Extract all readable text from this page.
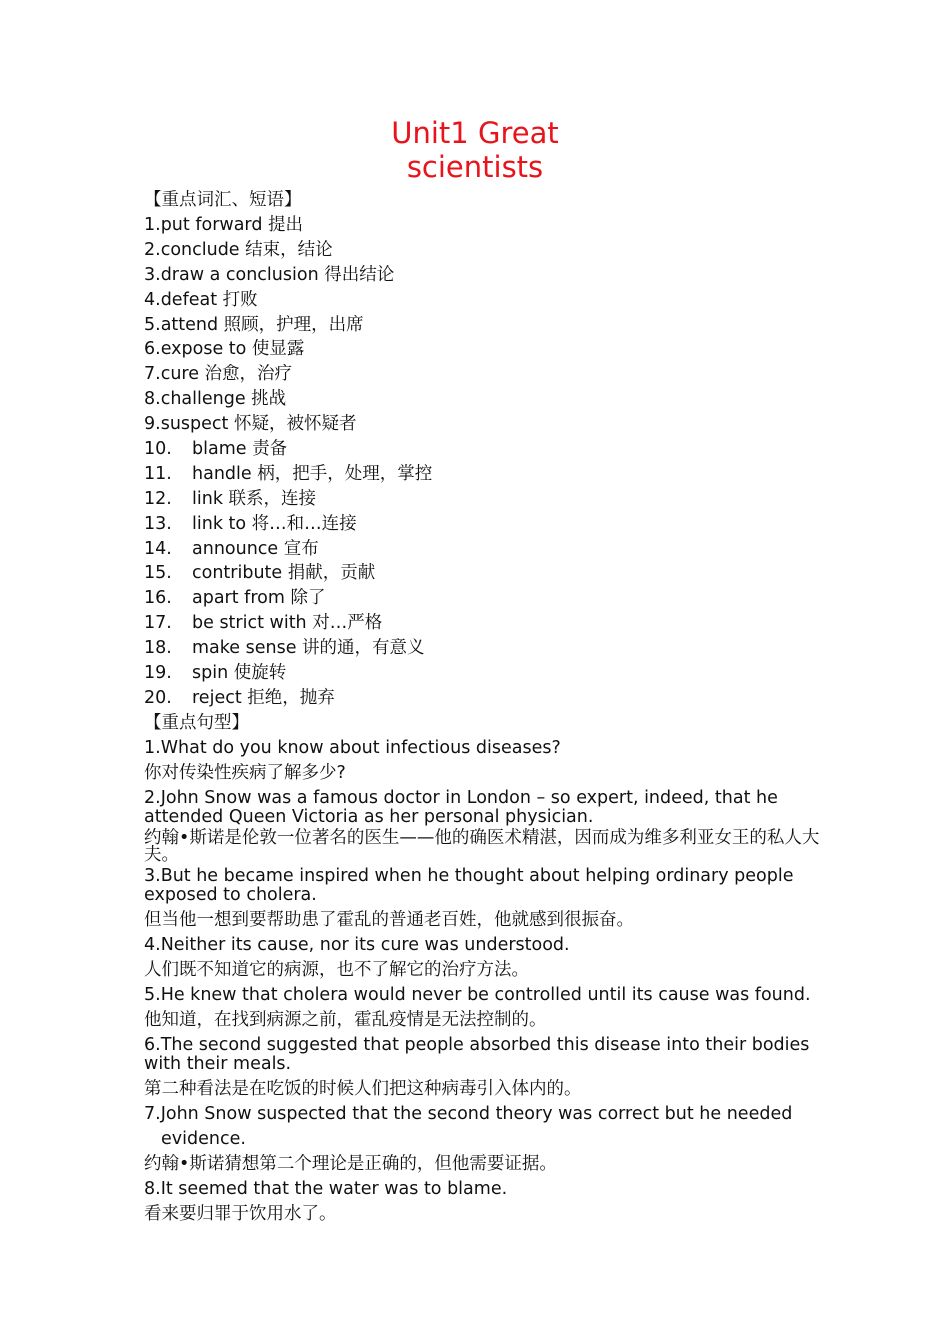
Unit1 Great
scientists
【重点词汇、短语】
1.put forward 提出
2.conclude 结束，结论
3.draw a conclusion 得出结论
4.defeat 打败
5.attend 照顾，护理，出席
6.expose to 使显露
7.cure 治愈，治疗
8.challenge 挑战
9.suspect 怀疑，被怀疑者
10. blame 责备
11. handle 柄，把手，处理，掌控
12. link 联系，连接
13. link to 将…和…连接
14. announce 宣布
15. contribute 捐献，贡献
16. apart from 除了
17. be strict with 对…严格
18. make sense 讲的通，有意义
19. spin 使旋转
20. reject 拒绝，抛弃
【重点句型】
1.What do you know about infectious diseases?
你对传染性疾病了解多少?
2.John Snow was a famous doctor in London – so expert, indeed, that he attended Queen Victoria as her personal physician.
约翰•斯诺是伦敦一位著名的医生——他的确医术精湛，因而成为维多利亚女王的私人大夫。
3.But he became inspired when he thought about helping ordinary people exposed to cholera.
但当他一想到要帮助患了霍乱的普通老百姓，他就感到很振奋。
4.Neither its cause, nor its cure was understood.
人们既不知道它的病源，也不了解它的治疗方法。
5.He knew that cholera would never be controlled until its cause was found.
他知道，在找到病源之前，霍乱疫情是无法控制的。
6.The second suggested that people absorbed this disease into their bodies with their meals.
第二种看法是在吃饭的时候人们把这种病毒引入体内的。
7.John Snow suspected that the second theory was correct but he needed evidence.
约翰•斯诺猜想第二个理论是正确的，但他需要证据。
8.It seemed that the water was to blame.
看来要归罪于饮用水了。
